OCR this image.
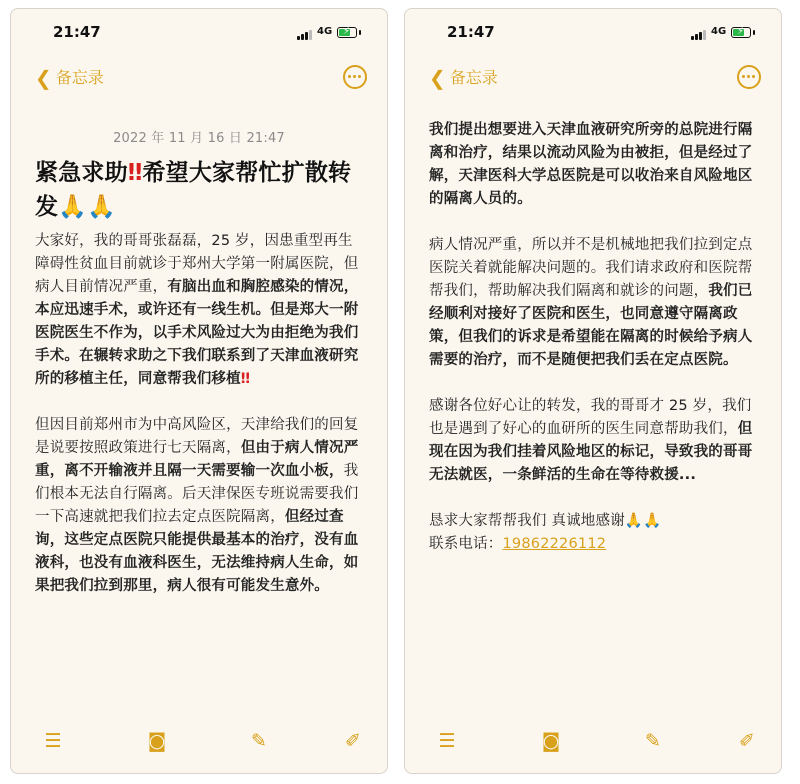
21:47	4G ⚡
❮ 备忘录
2022 年 11 月 16 日 21:47
紧急求助‼希望大家帮忙扩散转发🙏🙏

大家好，我的哥哥张磊磊，25 岁，因患重型再生障碍性贫血目前就诊于郑州大学第一附属医院，但病人目前情况严重，有脑出血和胸腔感染的情况，本应迅速手术，或许还有一线生机。但是郑大一附医院医生不作为，以手术风险过大为由拒绝为我们手术。在辗转求助之下我们联系到了天津血液研究所的移植主任，同意帮我们移植‼

但因目前郑州市为中高风险区，天津给我们的回复是说要按照政策进行七天隔离，但由于病人情况严重，离不开输液并且隔一天需要输一次血小板，我们根本无法自行隔离。后天津保医专班说需要我们一下高速就把我们拉去定点医院隔离，但经过查询，这些定点医院只能提供最基本的治疗，没有血液科，也没有血液科医生，无法维持病人生命，如果把我们拉到那里，病人很有可能发生意外。

☰	◙	✎	✐
21:47	4G ⚡
❮ 备忘录

我们提出想要进入天津血液研究所旁的总院进行隔离和治疗，结果以流动风险为由被拒，但是经过了解，天津医科大学总医院是可以收治来自风险地区的隔离人员的。

病人情况严重，所以并不是机械地把我们拉到定点医院关着就能解决问题的。我们请求政府和医院帮帮我们，帮助解决我们隔离和就诊的问题，我们已经顺利对接好了医院和医生，也同意遵守隔离政策，但我们的诉求是希望能在隔离的时候给予病人需要的治疗，而不是随便把我们丢在定点医院。

感谢各位好心让的转发，我的哥哥才 25 岁，我们也是遇到了好心的血研所的医生同意帮助我们，但现在因为我们挂着风险地区的标记，导致我的哥哥无法就医，一条鲜活的生命在等待救援...

恳求大家帮帮我们 真诚地感谢🙏🙏
联系电话：19862226112

☰	◙	✎	✐
